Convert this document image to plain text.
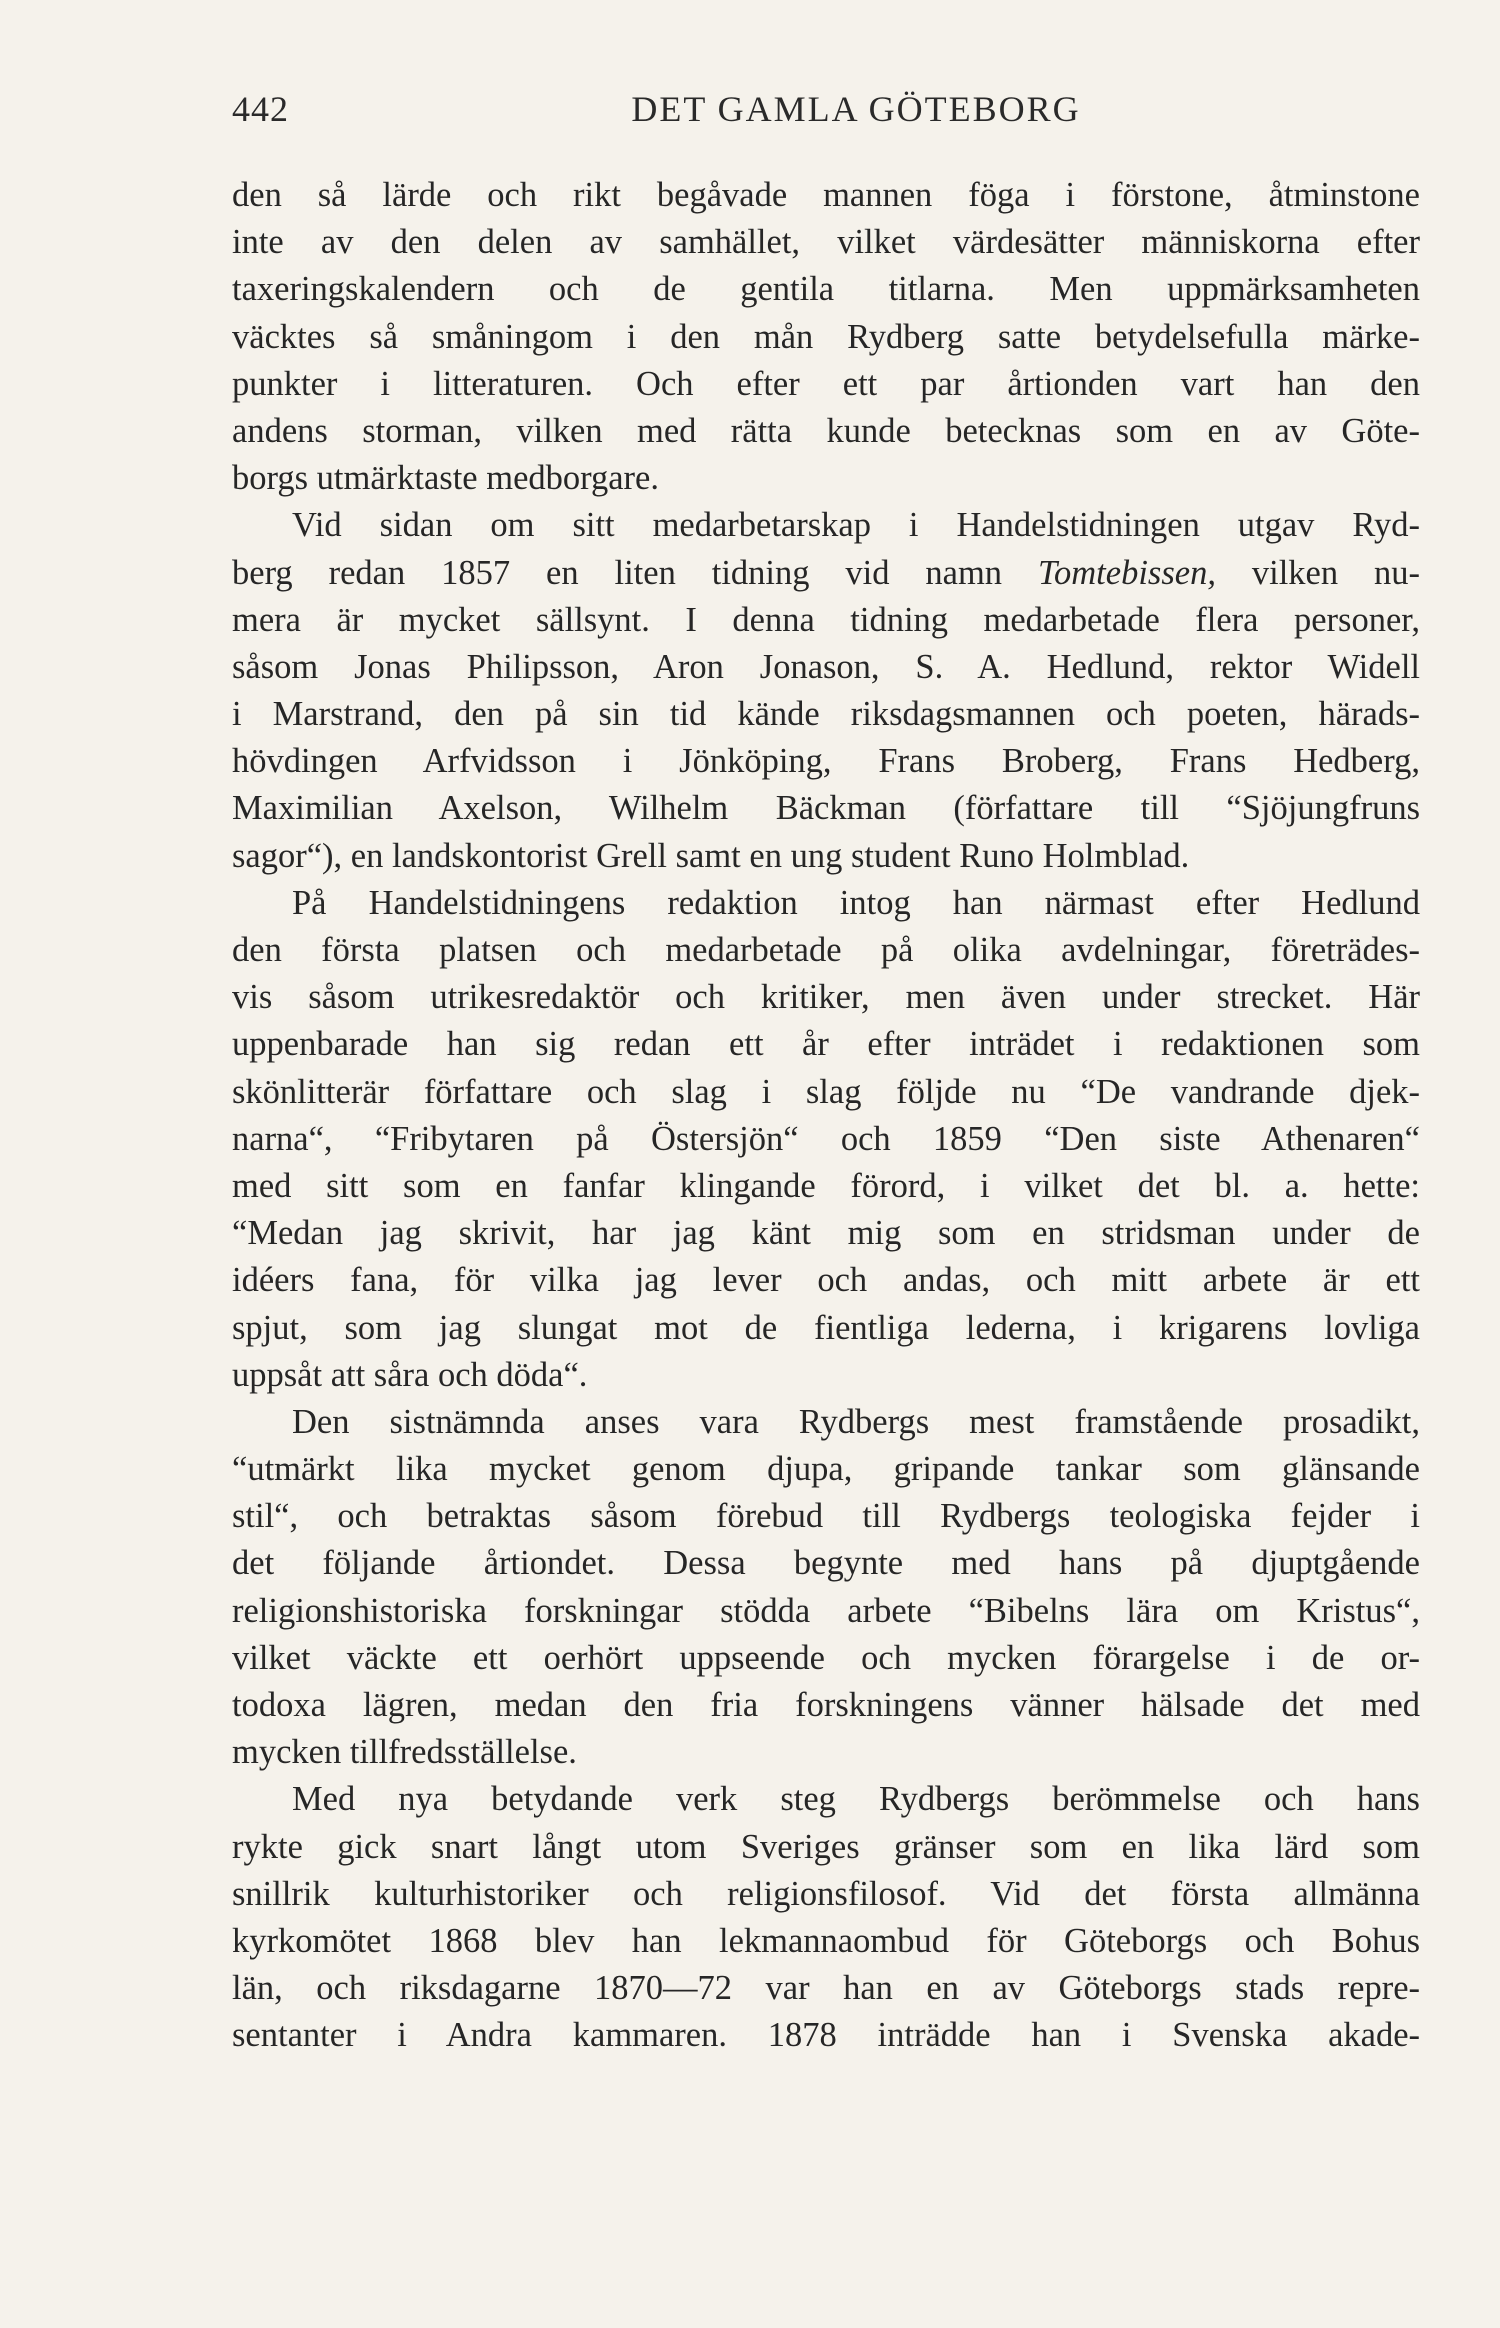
442	DET GAMLA GÖTEBORG
den så lärde och rikt begåvade mannen föga i förstone, åtminstone
inte av den delen av samhället, vilket värdesätter människorna efter
taxeringskalendern och de gentila titlarna. Men uppmärksamheten
väcktes så småningom i den mån Rydberg satte betydelsefulla märke-
punkter i litteraturen. Och efter ett par årtionden vart han den
andens storman, vilken med rätta kunde betecknas som en av Göte-
borgs utmärktaste medborgare.
Vid sidan om sitt medarbetarskap i Handelstidningen utgav Ryd-
berg redan 1857 en liten tidning vid namn Tomtebissen, vilken nu-
mera är mycket sällsynt. I denna tidning medarbetade flera personer,
såsom Jonas Philipsson, Aron Jonason, S. A. Hedlund, rektor Widell
i Marstrand, den på sin tid kände riksdagsmannen och poeten, härads-
hövdingen Arfvidsson i Jönköping, Frans Broberg, Frans Hedberg,
Maximilian Axelson, Wilhelm Bäckman (författare till “Sjöjungfruns
sagor“), en landskontorist Grell samt en ung student Runo Holmblad.
På Handelstidningens redaktion intog han närmast efter Hedlund
den första platsen och medarbetade på olika avdelningar, företrädes-
vis såsom utrikesredaktör och kritiker, men även under strecket. Här
uppenbarade han sig redan ett år efter inträdet i redaktionen som
skönlitterär författare och slag i slag följde nu “De vandrande djek-
narna“, “Fribytaren på Östersjön“ och 1859 “Den siste Athenaren“
med sitt som en fanfar klingande förord, i vilket det bl. a. hette:
“Medan jag skrivit, har jag känt mig som en stridsman under de
idéers fana, för vilka jag lever och andas, och mitt arbete är ett
spjut, som jag slungat mot de fientliga lederna, i krigarens lovliga
uppsåt att såra och döda“.
Den sistnämnda anses vara Rydbergs mest framstående prosadikt,
“utmärkt lika mycket genom djupa, gripande tankar som glänsande
stil“, och betraktas såsom förebud till Rydbergs teologiska fejder i
det följande årtiondet. Dessa begynte med hans på djuptgående
religionshistoriska forskningar stödda arbete “Bibelns lära om Kristus“,
vilket väckte ett oerhört uppseende och mycken förargelse i de or-
todoxa lägren, medan den fria forskningens vänner hälsade det med
mycken tillfredsställelse.
Med nya betydande verk steg Rydbergs berömmelse och hans
rykte gick snart långt utom Sveriges gränser som en lika lärd som
snillrik kulturhistoriker och religionsfilosof. Vid det första allmänna
kyrkomötet 1868 blev han lekmannaombud för Göteborgs och Bohus
län, och riksdagarne 1870—72 var han en av Göteborgs stads repre-
sentanter i Andra kammaren. 1878 inträdde han i Svenska akade-
